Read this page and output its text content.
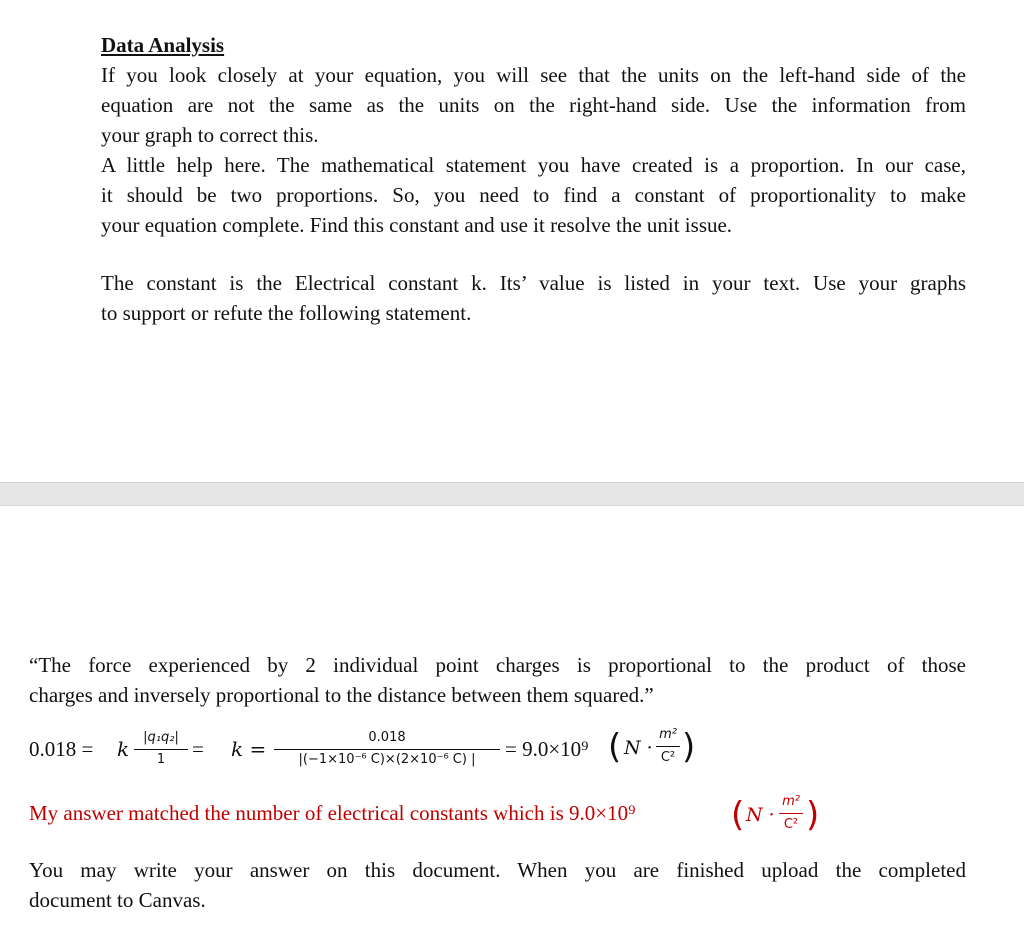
Data Analysis
If you look closely at your equation, you will see that the units on the left-hand side of the
equation are not the same as the units on the right-hand side. Use the information from
your graph to correct this.
A little help here. The mathematical statement you have created is a proportion. In our case,
it should be two proportions. So, you need to find a constant of proportionality to make
your equation complete. Find this constant and use it resolve the unit issue.
The constant is the Electrical constant k. Its’ value is listed in your text. Use your graphs
to support or refute the following statement.
“The force experienced by 2 individual point charges is proportional to the product of those
charges and inversely proportional to the distance between them squared.”
0.018 = k	|q₁q₂|
1	= k =	0.018
|(−1×10⁻⁶ C)×(2×10⁻⁶ C) |	= 9.0×10⁹ ( N ·
m²
C² )
My answer matched the number of electrical constants which is 9.0×10⁹	( N ·
m²
C² )
You may write your answer on this document. When you are finished upload the completed
document to Canvas.
